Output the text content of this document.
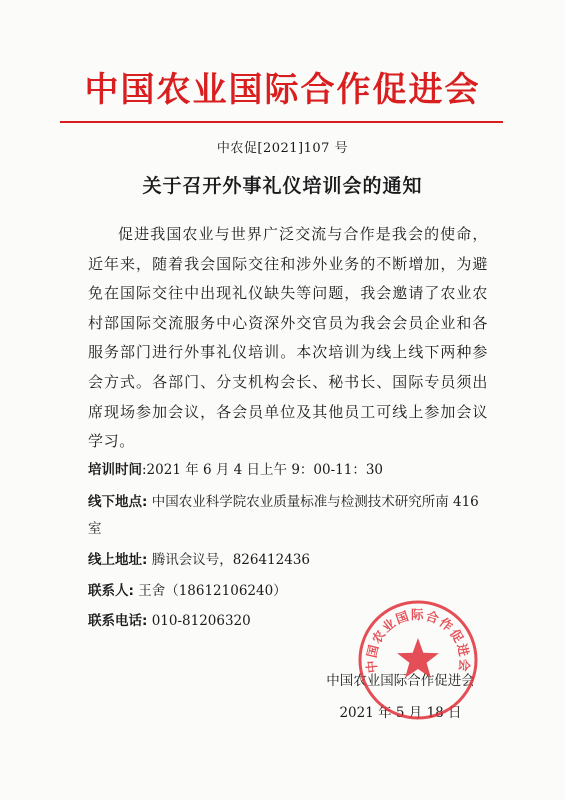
中国农业国际合作促进会
中农促[2021]107 号
关于召开外事礼仪培训会的通知
促进我国农业与世界广泛交流与合作是我会的使命，近年来，随着我会国际交往和涉外业务的不断增加，为避免在国际交往中出现礼仪缺失等问题，我会邀请了农业农村部国际交流服务中心资深外交官员为我会会员企业和各服务部门进行外事礼仪培训。本次培训为线上线下两种参会方式。各部门、分支机构会长、秘书长、国际专员须出席现场参加会议，各会员单位及其他员工可线上参加会议学习。
培训时间:2021 年 6 月 4 日上午 9：00-11：30
线下地点: 中国农业科学院农业质量标准与检测技术研究所南 416 室
线上地址: 腾讯会议号，826412436
联系人: 王舍（18612106240）
联系电话: 010-81206320
中国农业国际合作促进会
2021 年 5 月 18 日
中国农业国际合作促进会
